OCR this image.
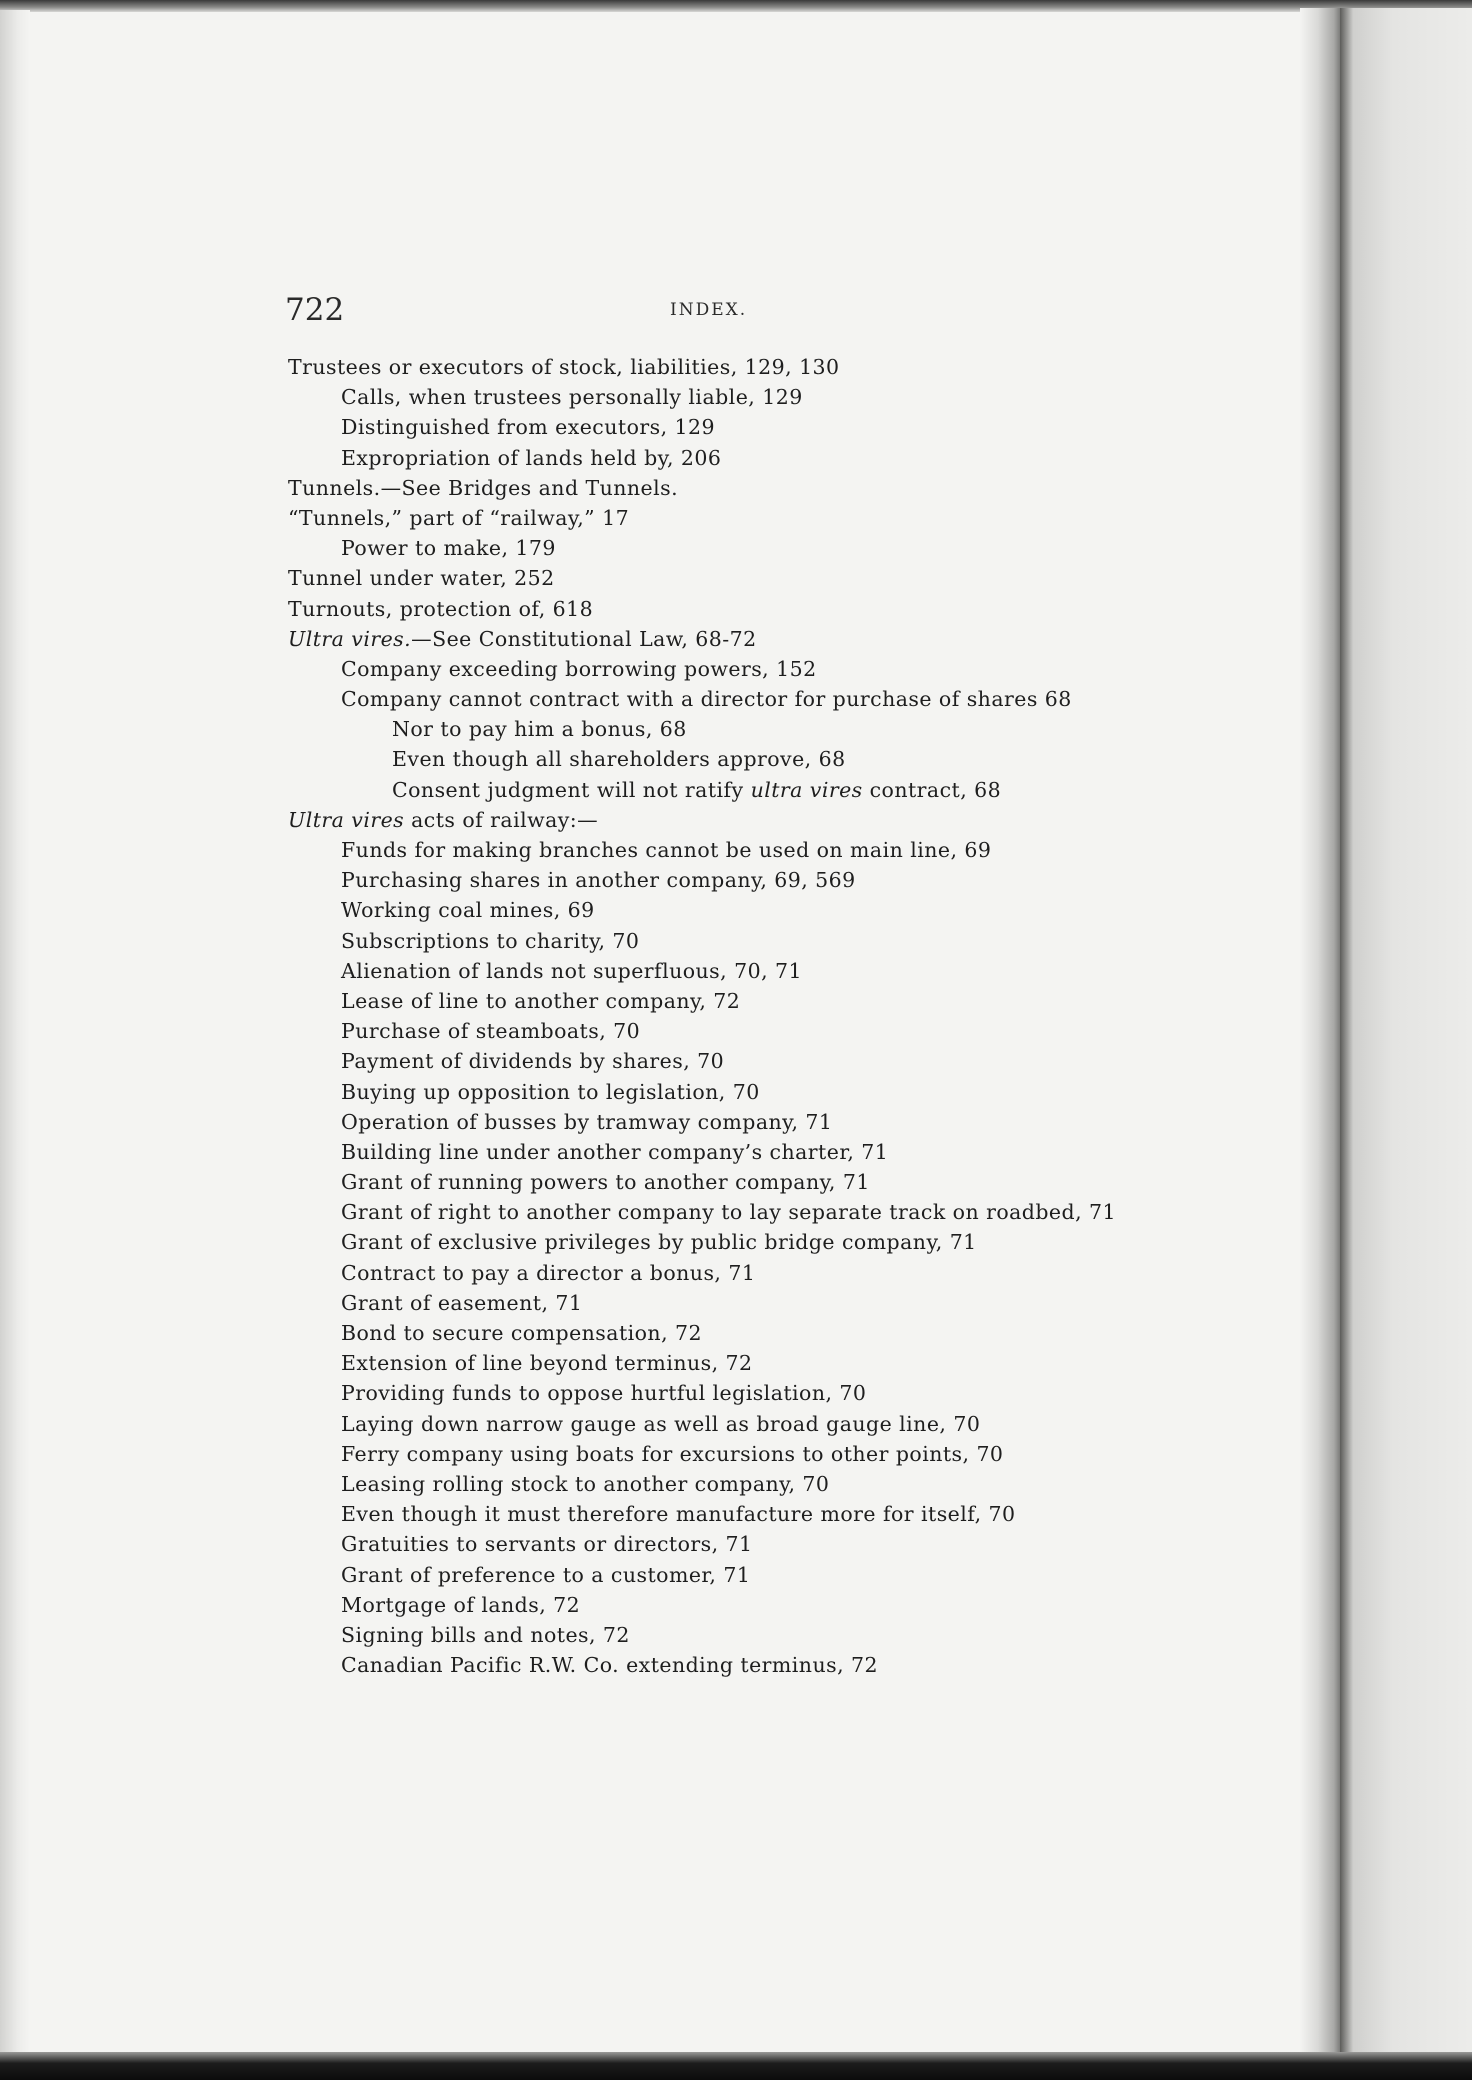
722	INDEX.
Trustees or executors of stock, liabilities, 129, 130
Calls, when trustees personally liable, 129
Distinguished from executors, 129
Expropriation of lands held by, 206
Tunnels.—See Bridges and Tunnels.
“Tunnels,” part of “railway,” 17
Power to make, 179
Tunnel under water, 252
Turnouts, protection of, 618
Ultra vires.—See Constitutional Law, 68-72
Company exceeding borrowing powers, 152
Company cannot contract with a director for purchase of shares 68
Nor to pay him a bonus, 68
Even though all shareholders approve, 68
Consent judgment will not ratify ultra vires contract, 68
Ultra vires acts of railway:—
Funds for making branches cannot be used on main line, 69
Purchasing shares in another company, 69, 569
Working coal mines, 69
Subscriptions to charity, 70
Alienation of lands not superfluous, 70, 71
Lease of line to another company, 72
Purchase of steamboats, 70
Payment of dividends by shares, 70
Buying up opposition to legislation, 70
Operation of busses by tramway company, 71
Building line under another company’s charter, 71
Grant of running powers to another company, 71
Grant of right to another company to lay separate track on roadbed, 71
Grant of exclusive privileges by public bridge company, 71
Contract to pay a director a bonus, 71
Grant of easement, 71
Bond to secure compensation, 72
Extension of line beyond terminus, 72
Providing funds to oppose hurtful legislation, 70
Laying down narrow gauge as well as broad gauge line, 70
Ferry company using boats for excursions to other points, 70
Leasing rolling stock to another company, 70
Even though it must therefore manufacture more for itself, 70
Gratuities to servants or directors, 71
Grant of preference to a customer, 71
Mortgage of lands, 72
Signing bills and notes, 72
Canadian Pacific R.W. Co. extending terminus, 72
